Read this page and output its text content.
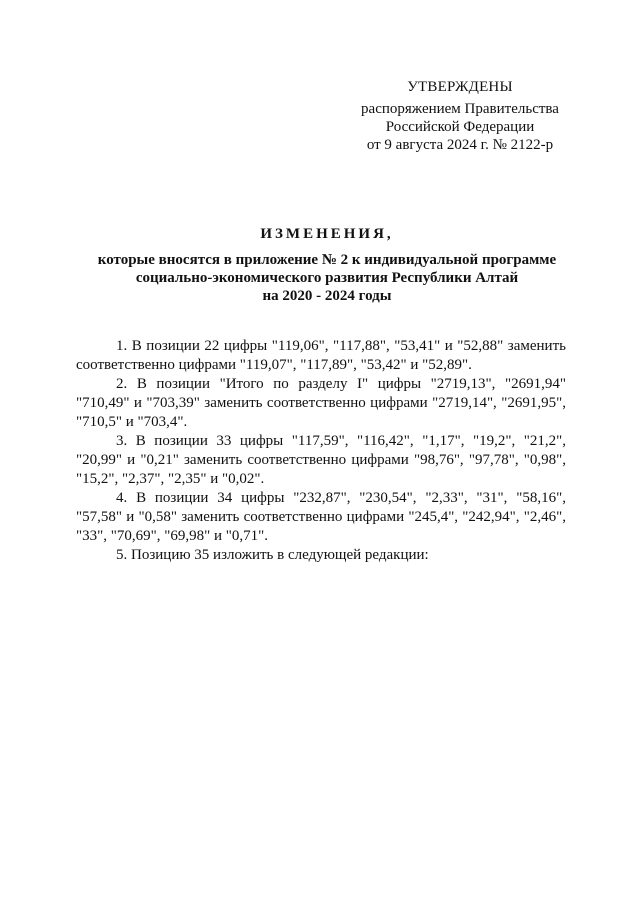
УТВЕРЖДЕНЫ
распоряжением Правительства
Российской Федерации
от 9 августа 2024 г. № 2122-р
ИЗМЕНЕНИЯ,
которые вносятся в приложение № 2 к индивидуальной программе
социально-экономического развития Республики Алтай
на 2020 - 2024 годы

1. В позиции 22 цифры "119,06", "117,88", "53,41" и "52,88" заменить соответственно цифрами "119,07", "117,89", "53,42" и "52,89".

2. В позиции "Итого по разделу I" цифры "2719,13", "2691,94" "710,49" и "703,39" заменить соответственно цифрами "2719,14", "2691,95", "710,5" и "703,4".

3. В позиции 33 цифры "117,59", "116,42", "1,17", "19,2", "21,2", "20,99" и "0,21" заменить соответственно цифрами "98,76", "97,78", "0,98", "15,2", "2,37", "2,35" и "0,02".

4. В позиции 34 цифры "232,87", "230,54", "2,33", "31", "58,16", "57,58" и "0,58" заменить соответственно цифрами "245,4", "242,94", "2,46", "33", "70,69", "69,98" и "0,71".

5. Позицию 35 изложить в следующей редакции:
